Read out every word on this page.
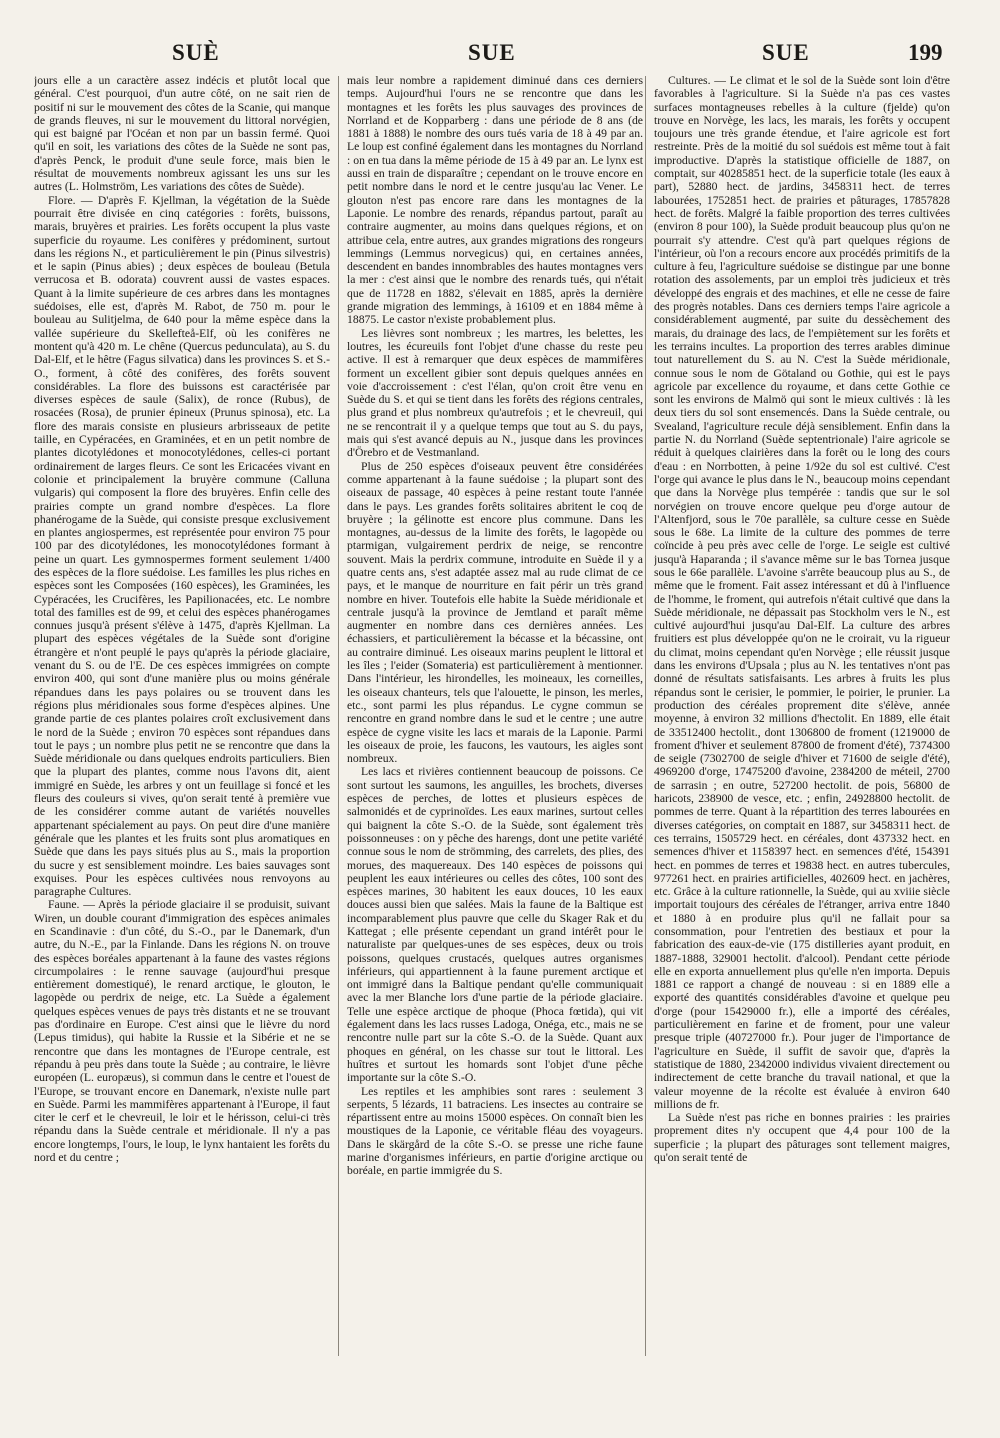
SUÈ	SUE	SUE	199

jours elle a un caractère assez indécis et plutôt local que général. C'est pourquoi, d'un autre côté, on ne sait rien de positif ni sur le mouvement des côtes de la Scanie, qui manque de grands fleuves, ni sur le mouvement du littoral norvégien, qui est baigné par l'Océan et non par un bassin fermé. Quoi qu'il en soit, les variations des côtes de la Suède ne sont pas, d'après Penck, le produit d'une seule force, mais bien le résultat de mouvements nombreux agissant les uns sur les autres (L. Holmström, Les variations des côtes de Suède).

Flore. — D'après F. Kjellman, la végétation de la Suède pourrait être divisée en cinq catégories : forêts, buissons, marais, bruyères et prairies. Les forêts occupent la plus vaste superficie du royaume. Les conifères y prédominent, surtout dans les régions N., et particulièrement le pin (Pinus silvestris) et le sapin (Pinus abies) ; deux espèces de bouleau (Betula verrucosa et B. odorata) couvrent aussi de vastes espaces. Quant à la limite supérieure de ces arbres dans les montagnes suédoises, elle est, d'après M. Rabot, de 750 m. pour le bouleau au Sulitjelma, de 640 pour la même espèce dans la vallée supérieure du Skellefteå-Elf, où les conifères ne montent qu'à 420 m. Le chêne (Quercus pedunculata), au S. du Dal-Elf, et le hêtre (Fagus silvatica) dans les provinces S. et S.-O., forment, à côté des conifères, des forêts souvent considérables. La flore des buissons est caractérisée par diverses espèces de saule (Salix), de ronce (Rubus), de rosacées (Rosa), de prunier épineux (Prunus spinosa), etc. La flore des marais consiste en plusieurs arbrisseaux de petite taille, en Cypéracées, en Graminées, et en un petit nombre de plantes dicotylédones et monocotylédones, celles-ci portant ordinairement de larges fleurs. Ce sont les Ericacées vivant en colonie et principalement la bruyère commune (Calluna vulgaris) qui composent la flore des bruyères. Enfin celle des prairies compte un grand nombre d'espèces. La flore phanérogame de la Suède, qui consiste presque exclusivement en plantes angiospermes, est représentée pour environ 75 pour 100 par des dicotylédones, les monocotylédones formant à peine un quart. Les gymnospermes forment seulement 1/400 des espèces de la flore suédoise. Les familles les plus riches en espèces sont les Composées (160 espèces), les Graminées, les Cypéracées, les Crucifères, les Papilionacées, etc. Le nombre total des familles est de 99, et celui des espèces phanérogames connues jusqu'à présent s'élève à 1475, d'après Kjellman. La plupart des espèces végétales de la Suède sont d'origine étrangère et n'ont peuplé le pays qu'après la période glaciaire, venant du S. ou de l'E. De ces espèces immigrées on compte environ 400, qui sont d'une manière plus ou moins générale répandues dans les pays polaires ou se trouvent dans les régions plus méridionales sous forme d'espèces alpines. Une grande partie de ces plantes polaires croît exclusivement dans le nord de la Suède ; environ 70 espèces sont répandues dans tout le pays ; un nombre plus petit ne se rencontre que dans la Suède méridionale ou dans quelques endroits particuliers. Bien que la plupart des plantes, comme nous l'avons dit, aient immigré en Suède, les arbres y ont un feuillage si foncé et les fleurs des couleurs si vives, qu'on serait tenté à première vue de les considérer comme autant de variétés nouvelles appartenant spécialement au pays. On peut dire d'une manière générale que les plantes et les fruits sont plus aromatiques en Suède que dans les pays situés plus au S., mais la proportion du sucre y est sensiblement moindre. Les baies sauvages sont exquises. Pour les espèces cultivées nous renvoyons au paragraphe Cultures.

Faune. — Après la période glaciaire il se produisit, suivant Wiren, un double courant d'immigration des espèces animales en Scandinavie : d'un côté, du S.-O., par le Danemark, d'un autre, du N.-E., par la Finlande. Dans les régions N. on trouve des espèces boréales appartenant à la faune des vastes régions circumpolaires : le renne sauvage (aujourd'hui presque entièrement domestiqué), le renard arctique, le glouton, le lagopède ou perdrix de neige, etc. La Suède a également quelques espèces venues de pays très distants et ne se trouvant pas d'ordinaire en Europe. C'est ainsi que le lièvre du nord (Lepus timidus), qui habite la Russie et la Sibérie et ne se rencontre que dans les montagnes de l'Europe centrale, est répandu à peu près dans toute la Suède ; au contraire, le lièvre européen (L. europæus), si commun dans le centre et l'ouest de l'Europe, se trouvant encore en Danemark, n'existe nulle part en Suède. Parmi les mammifères appartenant à l'Europe, il faut citer le cerf et le chevreuil, le loir et le hérisson, celui-ci très répandu dans la Suède centrale et méridionale. Il n'y a pas encore longtemps, l'ours, le loup, le lynx hantaient les forêts du nord et du centre ;

mais leur nombre a rapidement diminué dans ces derniers temps. Aujourd'hui l'ours ne se rencontre que dans les montagnes et les forêts les plus sauvages des provinces de Norrland et de Kopparberg : dans une période de 8 ans (de 1881 à 1888) le nombre des ours tués varia de 18 à 49 par an. Le loup est confiné également dans les montagnes du Norrland : on en tua dans la même période de 15 à 49 par an. Le lynx est aussi en train de disparaître ; cependant on le trouve encore en petit nombre dans le nord et le centre jusqu'au lac Vener. Le glouton n'est pas encore rare dans les montagnes de la Laponie. Le nombre des renards, répandus partout, paraît au contraire augmenter, au moins dans quelques régions, et on attribue cela, entre autres, aux grandes migrations des rongeurs lemmings (Lemmus norvegicus) qui, en certaines années, descendent en bandes innombrables des hautes montagnes vers la mer : c'est ainsi que le nombre des renards tués, qui n'était que de 11728 en 1882, s'élevait en 1885, après la dernière grande migration des lemmings, à 16109 et en 1884 même à 18875. Le castor n'existe probablement plus.

Les lièvres sont nombreux ; les martres, les belettes, les loutres, les écureuils font l'objet d'une chasse du reste peu active. Il est à remarquer que deux espèces de mammifères forment un excellent gibier sont depuis quelques années en voie d'accroissement : c'est l'élan, qu'on croit être venu en Suède du S. et qui se tient dans les forêts des régions centrales, plus grand et plus nombreux qu'autrefois ; et le chevreuil, qui ne se rencontrait il y a quelque temps que tout au S. du pays, mais qui s'est avancé depuis au N., jusque dans les provinces d'Örebro et de Vestmanland.

Plus de 250 espèces d'oiseaux peuvent être considérées comme appartenant à la faune suédoise ; la plupart sont des oiseaux de passage, 40 espèces à peine restant toute l'année dans le pays. Les grandes forêts solitaires abritent le coq de bruyère ; la gélinotte est encore plus commune. Dans les montagnes, au-dessus de la limite des forêts, le lagopède ou ptarmigan, vulgairement perdrix de neige, se rencontre souvent. Mais la perdrix commune, introduite en Suède il y a quatre cents ans, s'est adaptée assez mal au rude climat de ce pays, et le manque de nourriture en fait périr un très grand nombre en hiver. Toutefois elle habite la Suède méridionale et centrale jusqu'à la province de Jemtland et paraît même augmenter en nombre dans ces dernières années. Les échassiers, et particulièrement la bécasse et la bécassine, ont au contraire diminué. Les oiseaux marins peuplent le littoral et les îles ; l'eider (Somateria) est particulièrement à mentionner. Dans l'intérieur, les hirondelles, les moineaux, les corneilles, les oiseaux chanteurs, tels que l'alouette, le pinson, les merles, etc., sont parmi les plus répandus. Le cygne commun se rencontre en grand nombre dans le sud et le centre ; une autre espèce de cygne visite les lacs et marais de la Laponie. Parmi les oiseaux de proie, les faucons, les vautours, les aigles sont nombreux.

Les lacs et rivières contiennent beaucoup de poissons. Ce sont surtout les saumons, les anguilles, les brochets, diverses espèces de perches, de lottes et plusieurs espèces de salmonidés et de cyprinoïdes. Les eaux marines, surtout celles qui baignent la côte S.-O. de la Suède, sont également très poissonneuses : on y pêche des harengs, dont une petite variété connue sous le nom de strömming, des carrelets, des plies, des morues, des maquereaux. Des 140 espèces de poissons qui peuplent les eaux intérieures ou celles des côtes, 100 sont des espèces marines, 30 habitent les eaux douces, 10 les eaux douces aussi bien que salées. Mais la faune de la Baltique est incomparablement plus pauvre que celle du Skager Rak et du Kattegat ; elle présente cependant un grand intérêt pour le naturaliste par quelques-unes de ses espèces, deux ou trois poissons, quelques crustacés, quelques autres organismes inférieurs, qui appartiennent à la faune purement arctique et ont immigré dans la Baltique pendant qu'elle communiquait avec la mer Blanche lors d'une partie de la période glaciaire. Telle une espèce arctique de phoque (Phoca fœtida), qui vit également dans les lacs russes Ladoga, Onéga, etc., mais ne se rencontre nulle part sur la côte S.-O. de la Suède. Quant aux phoques en général, on les chasse sur tout le littoral. Les huîtres et surtout les homards sont l'objet d'une pêche importante sur la côte S.-O.

Les reptiles et les amphibies sont rares : seulement 3 serpents, 5 lézards, 11 batraciens. Les insectes au contraire se répartissent entre au moins 15000 espèces. On connaît bien les moustiques de la Laponie, ce véritable fléau des voyageurs. Dans le skärgård de la côte S.-O. se presse une riche faune marine d'organismes inférieurs, en partie d'origine arctique ou boréale, en partie immigrée du S.

Cultures. — Le climat et le sol de la Suède sont loin d'être favorables à l'agriculture. Si la Suède n'a pas ces vastes surfaces montagneuses rebelles à la culture (fjelde) qu'on trouve en Norvège, les lacs, les marais, les forêts y occupent toujours une très grande étendue, et l'aire agricole est fort restreinte. Près de la moitié du sol suédois est même tout à fait improductive. D'après la statistique officielle de 1887, on comptait, sur 40285851 hect. de la superficie totale (les eaux à part), 52880 hect. de jardins, 3458311 hect. de terres labourées, 1752851 hect. de prairies et pâturages, 17857828 hect. de forêts. Malgré la faible proportion des terres cultivées (environ 8 pour 100), la Suède produit beaucoup plus qu'on ne pourrait s'y attendre. C'est qu'à part quelques régions de l'intérieur, où l'on a recours encore aux procédés primitifs de la culture à feu, l'agriculture suédoise se distingue par une bonne rotation des assolements, par un emploi très judicieux et très développé des engrais et des machines, et elle ne cesse de faire des progrès notables. Dans ces derniers temps l'aire agricole a considérablement augmenté, par suite du dessèchement des marais, du drainage des lacs, de l'empiètement sur les forêts et les terrains incultes. La proportion des terres arables diminue tout naturellement du S. au N. C'est la Suède méridionale, connue sous le nom de Götaland ou Gothie, qui est le pays agricole par excellence du royaume, et dans cette Gothie ce sont les environs de Malmö qui sont le mieux cultivés : là les deux tiers du sol sont ensemencés. Dans la Suède centrale, ou Svealand, l'agriculture recule déjà sensiblement. Enfin dans la partie N. du Norrland (Suède septentrionale) l'aire agricole se réduit à quelques clairières dans la forêt ou le long des cours d'eau : en Norrbotten, à peine 1/92e du sol est cultivé. C'est l'orge qui avance le plus dans le N., beaucoup moins cependant que dans la Norvège plus tempérée : tandis que sur le sol norvégien on trouve encore quelque peu d'orge autour de l'Altenfjord, sous le 70e parallèle, sa culture cesse en Suède sous le 68e. La limite de la culture des pommes de terre coïncide à peu près avec celle de l'orge. Le seigle est cultivé jusqu'à Haparanda ; il s'avance même sur le bas Tornea jusque sous le 66e parallèle. L'avoine s'arrête beaucoup plus au S., de même que le froment. Fait assez intéressant et dû à l'influence de l'homme, le froment, qui autrefois n'était cultivé que dans la Suède méridionale, ne dépassait pas Stockholm vers le N., est cultivé aujourd'hui jusqu'au Dal-Elf. La culture des arbres fruitiers est plus développée qu'on ne le croirait, vu la rigueur du climat, moins cependant qu'en Norvège ; elle réussit jusque dans les environs d'Upsala ; plus au N. les tentatives n'ont pas donné de résultats satisfaisants. Les arbres à fruits les plus répandus sont le cerisier, le pommier, le poirier, le prunier. La production des céréales proprement dite s'élève, année moyenne, à environ 32 millions d'hectolit. En 1889, elle était de 33512400 hectolit., dont 1306800 de froment (1219000 de froment d'hiver et seulement 87800 de froment d'été), 7374300 de seigle (7302700 de seigle d'hiver et 71600 de seigle d'été), 4969200 d'orge, 17475200 d'avoine, 2384200 de méteil, 2700 de sarrasin ; en outre, 527200 hectolit. de pois, 56800 de haricots, 238900 de vesce, etc. ; enfin, 24928800 hectolit. de pommes de terre. Quant à la répartition des terres labourées en diverses catégories, on comptait en 1887, sur 3458311 hect. de ces terrains, 1505729 hect. en céréales, dont 437332 hect. en semences d'hiver et 1158397 hect. en semences d'été, 154391 hect. en pommes de terres et 19838 hect. en autres tubercules, 977261 hect. en prairies artificielles, 402609 hect. en jachères, etc. Grâce à la culture rationnelle, la Suède, qui au xviiie siècle importait toujours des céréales de l'étranger, arriva entre 1840 et 1880 à en produire plus qu'il ne fallait pour sa consommation, pour l'entretien des bestiaux et pour la fabrication des eaux-de-vie (175 distilleries ayant produit, en 1887-1888, 329001 hectolit. d'alcool). Pendant cette période elle en exporta annuellement plus qu'elle n'en importa. Depuis 1881 ce rapport a changé de nouveau : si en 1889 elle a exporté des quantités considérables d'avoine et quelque peu d'orge (pour 15429000 fr.), elle a importé des céréales, particulièrement en farine et de froment, pour une valeur presque triple (40727000 fr.). Pour juger de l'importance de l'agriculture en Suède, il suffit de savoir que, d'après la statistique de 1880, 2342000 individus vivaient directement ou indirectement de cette branche du travail national, et que la valeur moyenne de la récolte est évaluée à environ 640 millions de fr.

La Suède n'est pas riche en bonnes prairies : les prairies proprement dites n'y occupent que 4,4 pour 100 de la superficie ; la plupart des pâturages sont tellement maigres, qu'on serait tenté de
